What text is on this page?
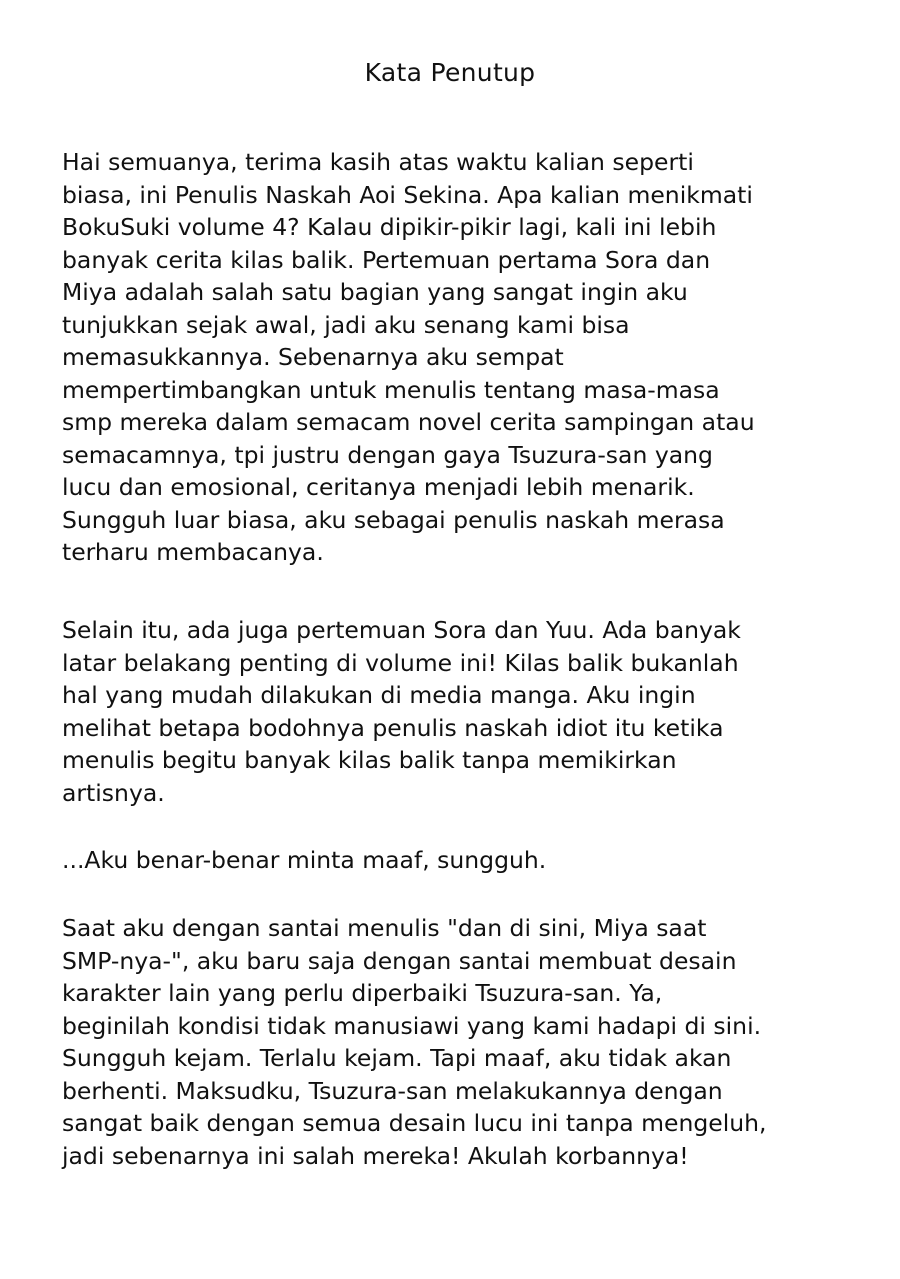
Kata Penutup
Hai semuanya, terima kasih atas waktu kalian seperti
biasa, ini Penulis Naskah Aoi Sekina. Apa kalian menikmati
BokuSuki volume 4? Kalau dipikir-pikir lagi, kali ini lebih
banyak cerita kilas balik. Pertemuan pertama Sora dan
Miya adalah salah satu bagian yang sangat ingin aku
tunjukkan sejak awal, jadi aku senang kami bisa
memasukkannya. Sebenarnya aku sempat
mempertimbangkan untuk menulis tentang masa-masa
smp mereka dalam semacam novel cerita sampingan atau
semacamnya, tpi justru dengan gaya Tsuzura-san yang
lucu dan emosional, ceritanya menjadi lebih menarik.
Sungguh luar biasa, aku sebagai penulis naskah merasa
terharu membacanya.
Selain itu, ada juga pertemuan Sora dan Yuu. Ada banyak
latar belakang penting di volume ini! Kilas balik bukanlah
hal yang mudah dilakukan di media manga. Aku ingin
melihat betapa bodohnya penulis naskah idiot itu ketika
menulis begitu banyak kilas balik tanpa memikirkan
artisnya.
...Aku benar-benar minta maaf, sungguh.
Saat aku dengan santai menulis "dan di sini, Miya saat
SMP-nya-", aku baru saja dengan santai membuat desain
karakter lain yang perlu diperbaiki Tsuzura-san. Ya,
beginilah kondisi tidak manusiawi yang kami hadapi di sini.
Sungguh kejam. Terlalu kejam. Tapi maaf, aku tidak akan
berhenti. Maksudku, Tsuzura-san melakukannya dengan
sangat baik dengan semua desain lucu ini tanpa mengeluh,
jadi sebenarnya ini salah mereka! Akulah korbannya!
